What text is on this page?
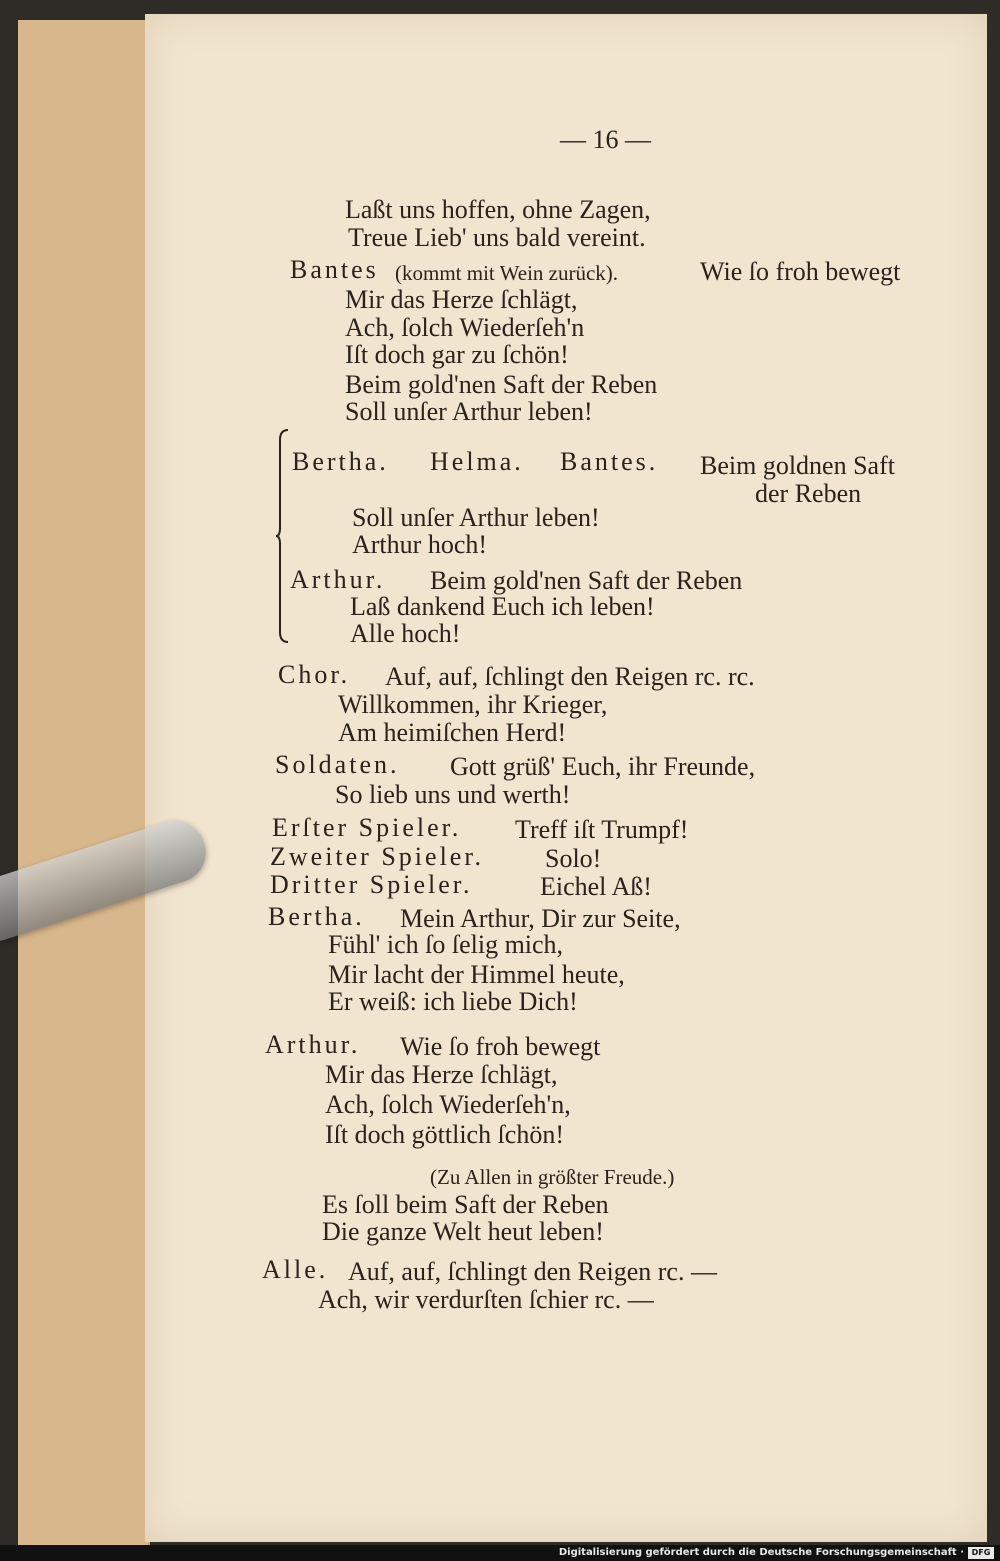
— 16 —
Laßt uns hoffen, ohne Zagen,
Treue Lieb' uns bald vereint.
Bantes (kommt mit Wein zurück).	Wie ſo froh bewegt
Mir das Herze ſchlägt,
Ach, ſolch Wiederſeh'n
Iſt doch gar zu ſchön!
Beim gold'nen Saft der Reben
Soll unſer Arthur leben!
Bertha. Helma. Bantes. Beim goldnen Saft
der Reben
Soll unſer Arthur leben!
Arthur hoch!
Arthur. Beim gold'nen Saft der Reben
Laß dankend Euch ich leben!
Alle hoch!
Chor. Auf, auf, ſchlingt den Reigen rc. rc.
Willkommen, ihr Krieger,
Am heimiſchen Herd!
Soldaten. Gott grüß' Euch, ihr Freunde,
So lieb uns und werth!
Erſter Spieler. Treff iſt Trumpf!
Zweiter Spieler. Solo!
Dritter Spieler.	Eichel Aß!
Bertha. Mein Arthur, Dir zur Seite,
Fühl' ich ſo ſelig mich,
Mir lacht der Himmel heute,
Er weiß: ich liebe Dich!
Arthur. Wie ſo froh bewegt
Mir das Herze ſchlägt,
Ach, ſolch Wiederſeh'n,
Iſt doch göttlich ſchön!
(Zu Allen in größter Freude.)
Es ſoll beim Saft der Reben
Die ganze Welt heut leben!
Alle. Auf, auf, ſchlingt den Reigen rc. —
Ach, wir verdurſten ſchier rc. —
Digitalisierung gefördert durch die Deutsche Forschungsgemeinschaft · DFG
